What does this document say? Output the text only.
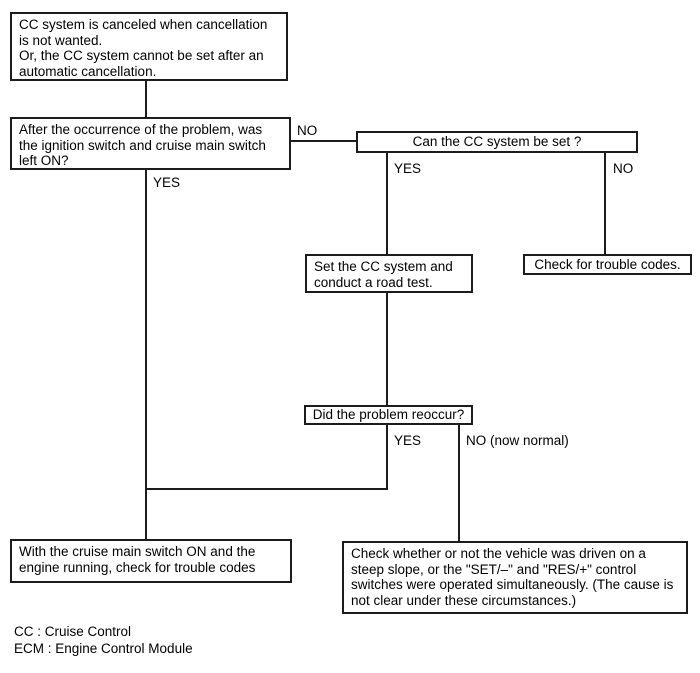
CC system is canceled when cancellation is not wanted.
Or, the CC system cannot be set after an automatic cancellation.
After the occurrence of the problem, was the ignition switch and cruise main switch left ON?
Can the CC system be set ?
Set the CC system and conduct a road test.
Check for trouble codes.
Did the problem reoccur?
With the cruise main switch ON and the engine running, check for trouble codes
Check whether or not the vehicle was driven on a steep slope, or the "SET/–" and "RES/+" control switches were operated simultaneously. (The cause is not clear under these circumstances.)
NO
YES
YES	NO
YES	NO (now normal)
CC : Cruise Control
ECM : Engine Control Module
